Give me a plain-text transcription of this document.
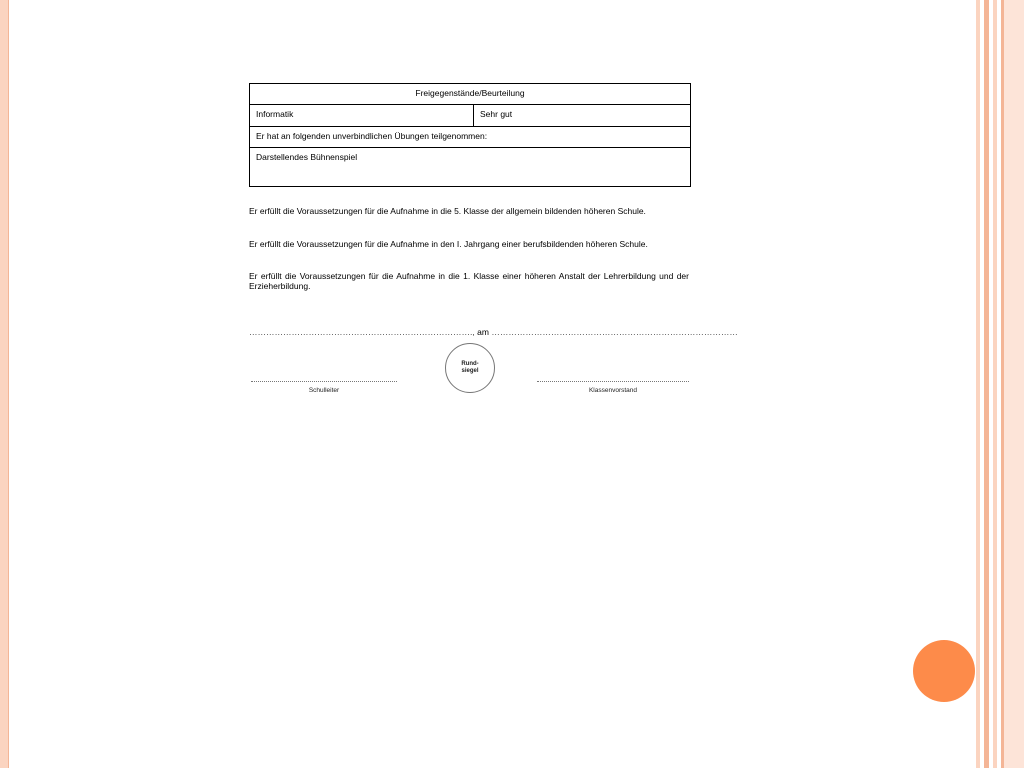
Freigegenstände/Beurteilung
Informatik	Sehr gut
Er hat an folgenden unverbindlichen Übungen teilgenommen:
Darstellendes Bühnenspiel

Er erfüllt die Voraussetzungen für die Aufnahme in die 5. Klasse der allgemein bildenden höheren Schule.

Er erfüllt die Voraussetzungen für die Aufnahme in den I. Jahrgang einer berufsbildenden höheren Schule.

Er erfüllt die Voraussetzungen für die Aufnahme in die 1. Klasse einer höheren Anstalt der Lehrerbildung und der Erzieherbildung.

……………………………………………………………………., am ……………………………………………………………………………
Rund-
siegel
Schulleiter	Klassenvorstand
